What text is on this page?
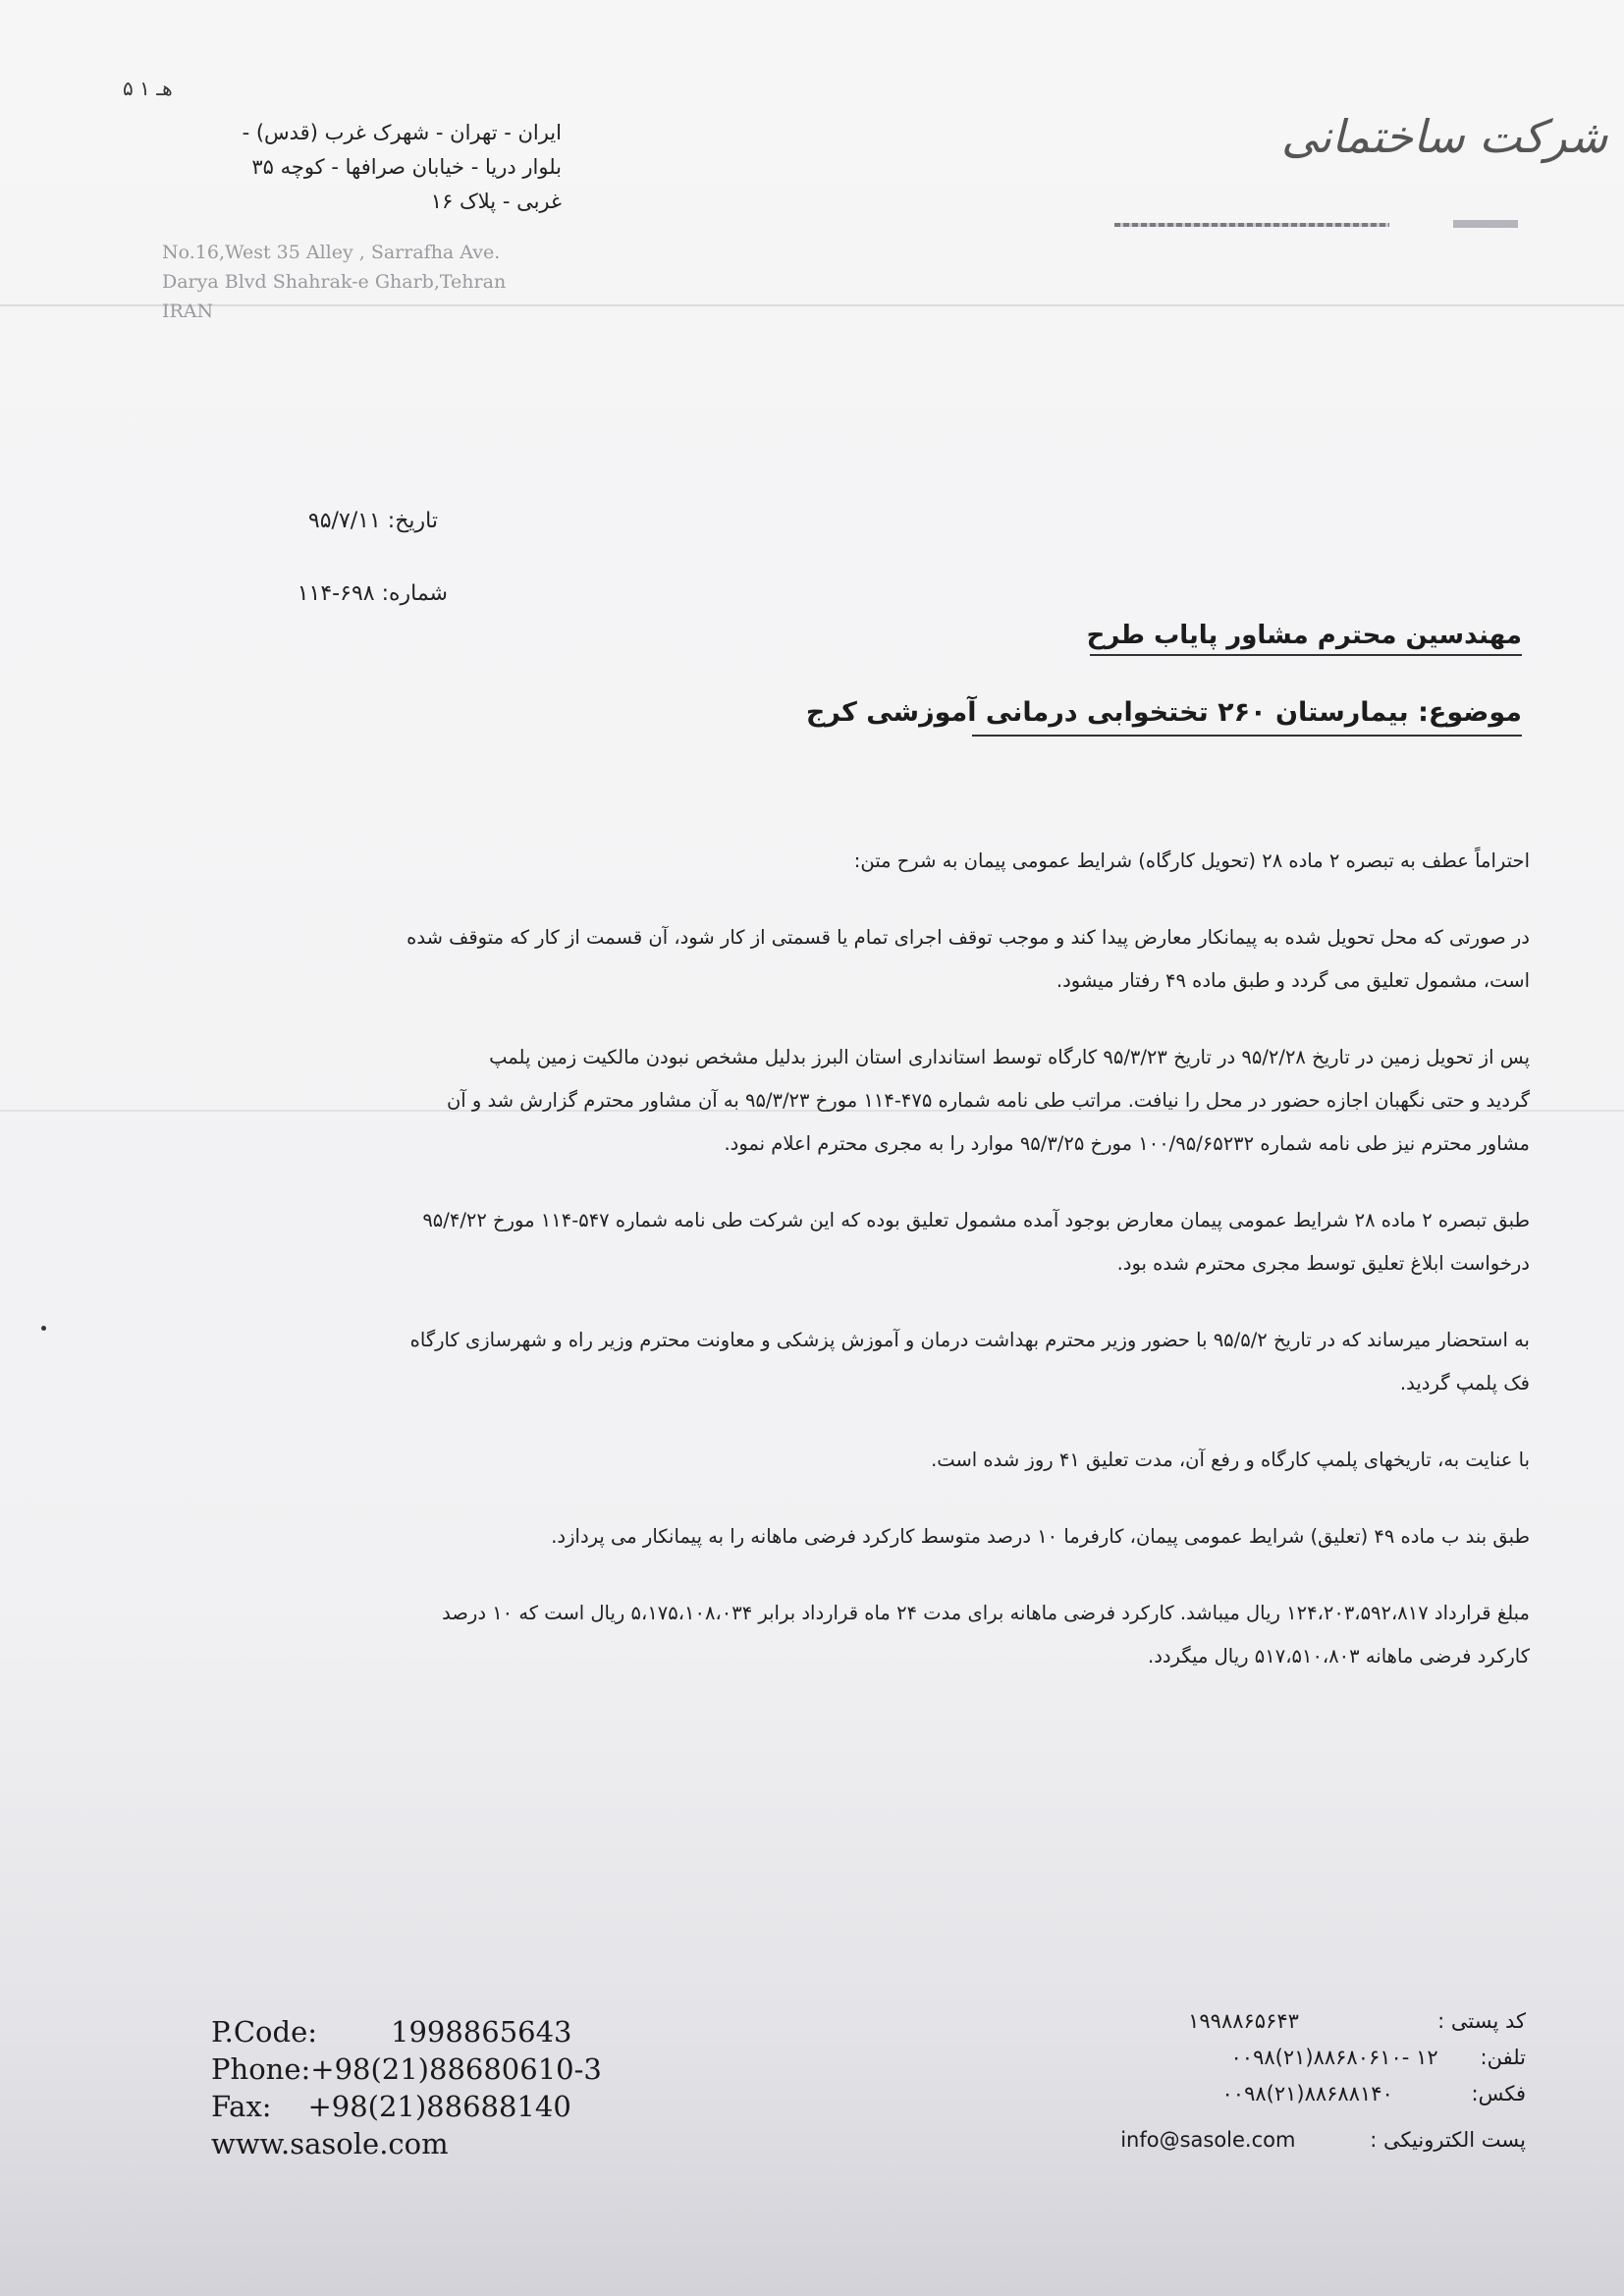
هـ ۱ ۵
ایران - تهران - شهرک غرب (قدس) -
بلوار دریا - خیابان صرافها - کوچه ۳۵
غربی - پلاک ۱۶
No.16,West 35 Alley , Sarrafha Ave.
Darya Blvd Shahrak-e Gharb,Tehran
IRAN
شرکت ساختمانی
تاریخ: ۹۵/۷/۱۱
شماره: ۶۹۸-۱۱۴
مهندسین محترم مشاور پایاب طرح
موضوع: بیمارستان ۲۶۰ تختخوابی درمانی آموزشی کرج
احتراماً عطف به تبصره ۲ ماده ۲۸ (تحویل کارگاه) شرایط عمومی پیمان به شرح متن:
در صورتی که محل تحویل شده به پیمانکار معارض پیدا کند و موجب توقف اجرای تمام یا قسمتی از کار شود، آن قسمت از کار که متوقف شده
است، مشمول تعلیق می گردد و طبق ماده ۴۹ رفتار میشود.
پس از تحویل زمین در تاریخ ۹۵/۲/۲۸ در تاریخ ۹۵/۳/۲۳ کارگاه توسط استانداری استان البرز بدلیل مشخص نبودن مالکیت زمین پلمپ
گردید و حتی نگهبان اجازه حضور در محل را نیافت. مراتب طی نامه شماره ۴۷۵-۱۱۴ مورخ ۹۵/۳/۲۳ به آن مشاور محترم گزارش شد و آن
مشاور محترم نیز طی نامه شماره ۱۰۰/۹۵/۶۵۲۳۲ مورخ ۹۵/۳/۲۵ موارد را به مجری محترم اعلام نمود.
طبق تبصره ۲ ماده ۲۸ شرایط عمومی پیمان معارض بوجود آمده مشمول تعلیق بوده که این شرکت طی نامه شماره ۵۴۷-۱۱۴ مورخ ۹۵/۴/۲۲
درخواست ابلاغ تعلیق توسط مجری محترم شده بود.
به استحضار میرساند که در تاریخ ۹۵/۵/۲ با حضور وزیر محترم بهداشت درمان و آموزش پزشکی و معاونت محترم وزیر راه و شهرسازی کارگاه
فک پلمپ گردید.
با عنایت به، تاریخهای پلمپ کارگاه و رفع آن، مدت تعلیق ۴۱ روز شده است.
طبق بند ب ماده ۴۹ (تعلیق) شرایط عمومی پیمان، کارفرما ۱۰ درصد متوسط کارکرد فرضی ماهانه را به پیمانکار می پردازد.
مبلغ قرارداد ۱۲۴،۲۰۳،۵۹۲،۸۱۷ ریال میباشد. کارکرد فرضی ماهانه برای مدت ۲۴ ماه قرارداد برابر ۵،۱۷۵،۱۰۸،۰۳۴ ریال است که ۱۰ درصد
کارکرد فرضی ماهانه ۵۱۷،۵۱۰،۸۰۳ ریال میگردد.
P.Code:	1998865643
Phone:+98(21)88680610-3
Fax: +98(21)88688140
www.sasole.com
کد پستی :۱۹۹۸۸۶۵۶۴۳
تلفن:۰۰۹۸(۲۱)۸۸۶۸۰۶۱۰- ۱۲
فکس:۰۰۹۸(۲۱)۸۸۶۸۸۱۴۰
پست الکترونیکی :info@sasole.com
